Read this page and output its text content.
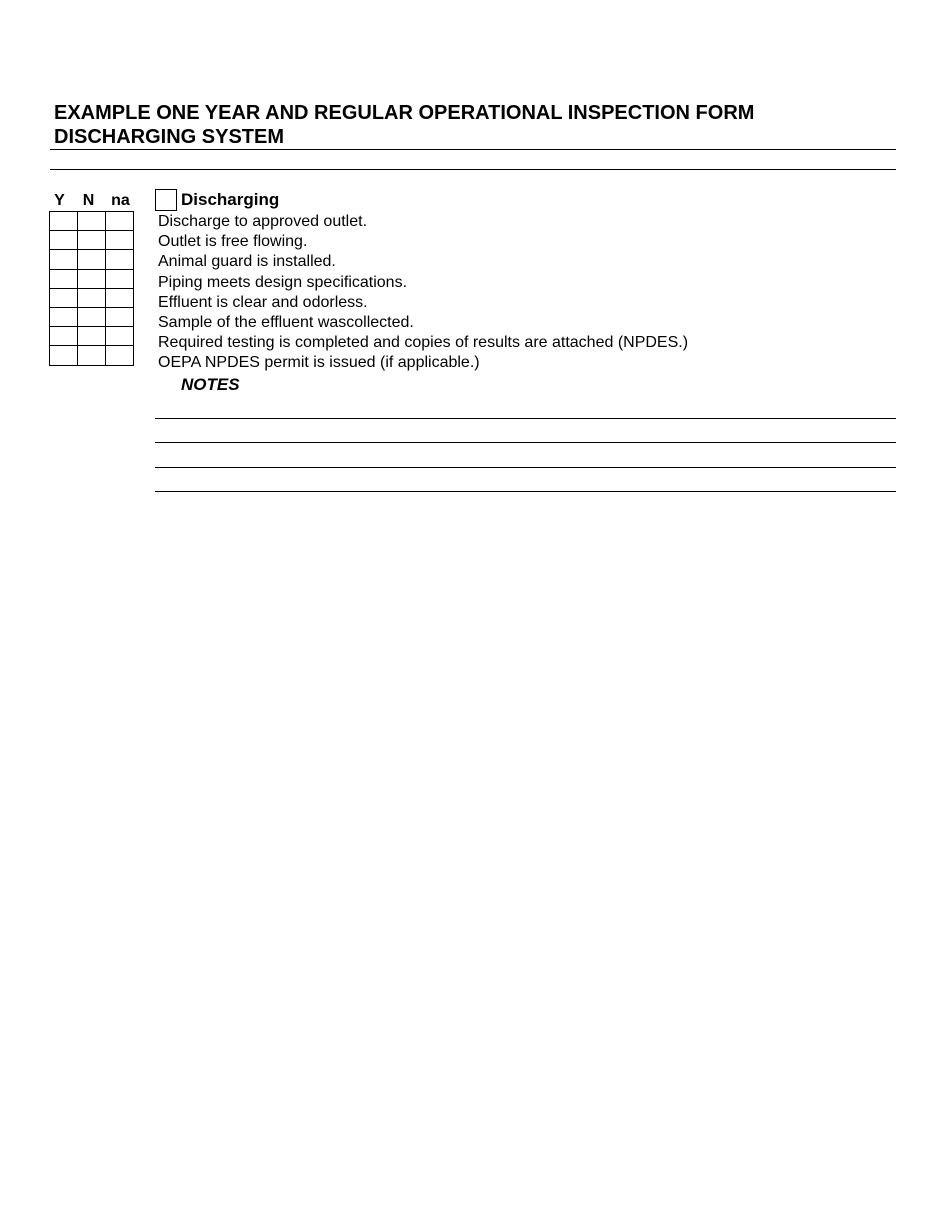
EXAMPLE ONE YEAR AND REGULAR OPERATIONAL INSPECTION FORM
DISCHARGING SYSTEM
Y	N	na

			Discharging
Discharge to approved outlet.
Outlet is free flowing.
Animal guard is installed.
Piping meets design specifications.
Effluent is clear and odorless.
Sample of the effluent wascollected.
Required testing is completed and copies of results are attached (NPDES.)
OEPA NPDES permit is issued (if applicable.)
NOTES
